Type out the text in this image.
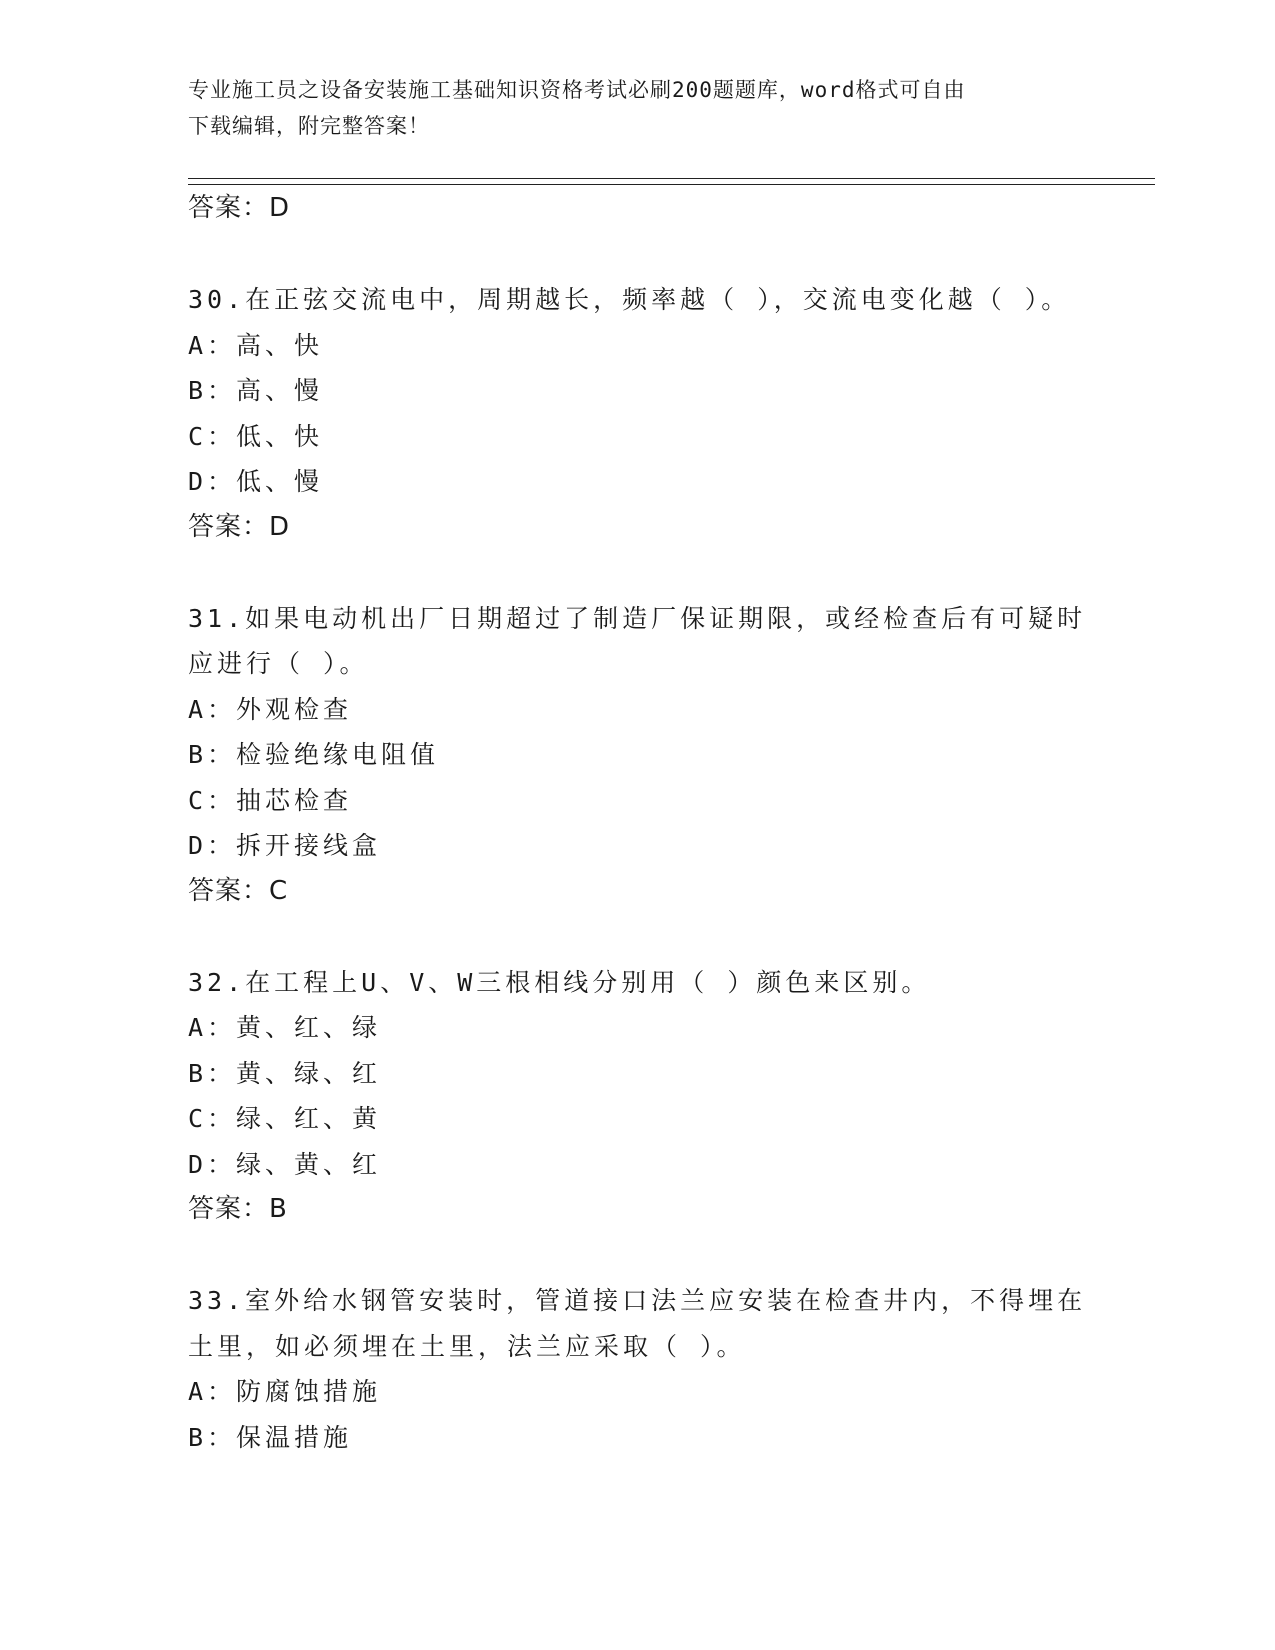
专业施工员之设备安装施工基础知识资格考试必刷200题题库，word格式可自由
下载编辑，附完整答案！
答案：D
30.在正弦交流电中，周期越长，频率越（ ），交流电变化越（ ）。
A：高、快
B：高、慢
C：低、快
D：低、慢
答案：D
31.如果电动机出厂日期超过了制造厂保证期限，或经检查后有可疑时
应进行（ ）。
A：外观检查
B：检验绝缘电阻值
C：抽芯检查
D：拆开接线盒
答案：C
32.在工程上U、V、W三根相线分别用（ ）颜色来区别。
A：黄、红、绿
B：黄、绿、红
C：绿、红、黄
D：绿、黄、红
答案：B
33.室外给水钢管安装时，管道接口法兰应安装在检查井内，不得埋在
土里，如必须埋在土里，法兰应采取（ ）。
A：防腐蚀措施
B：保温措施
